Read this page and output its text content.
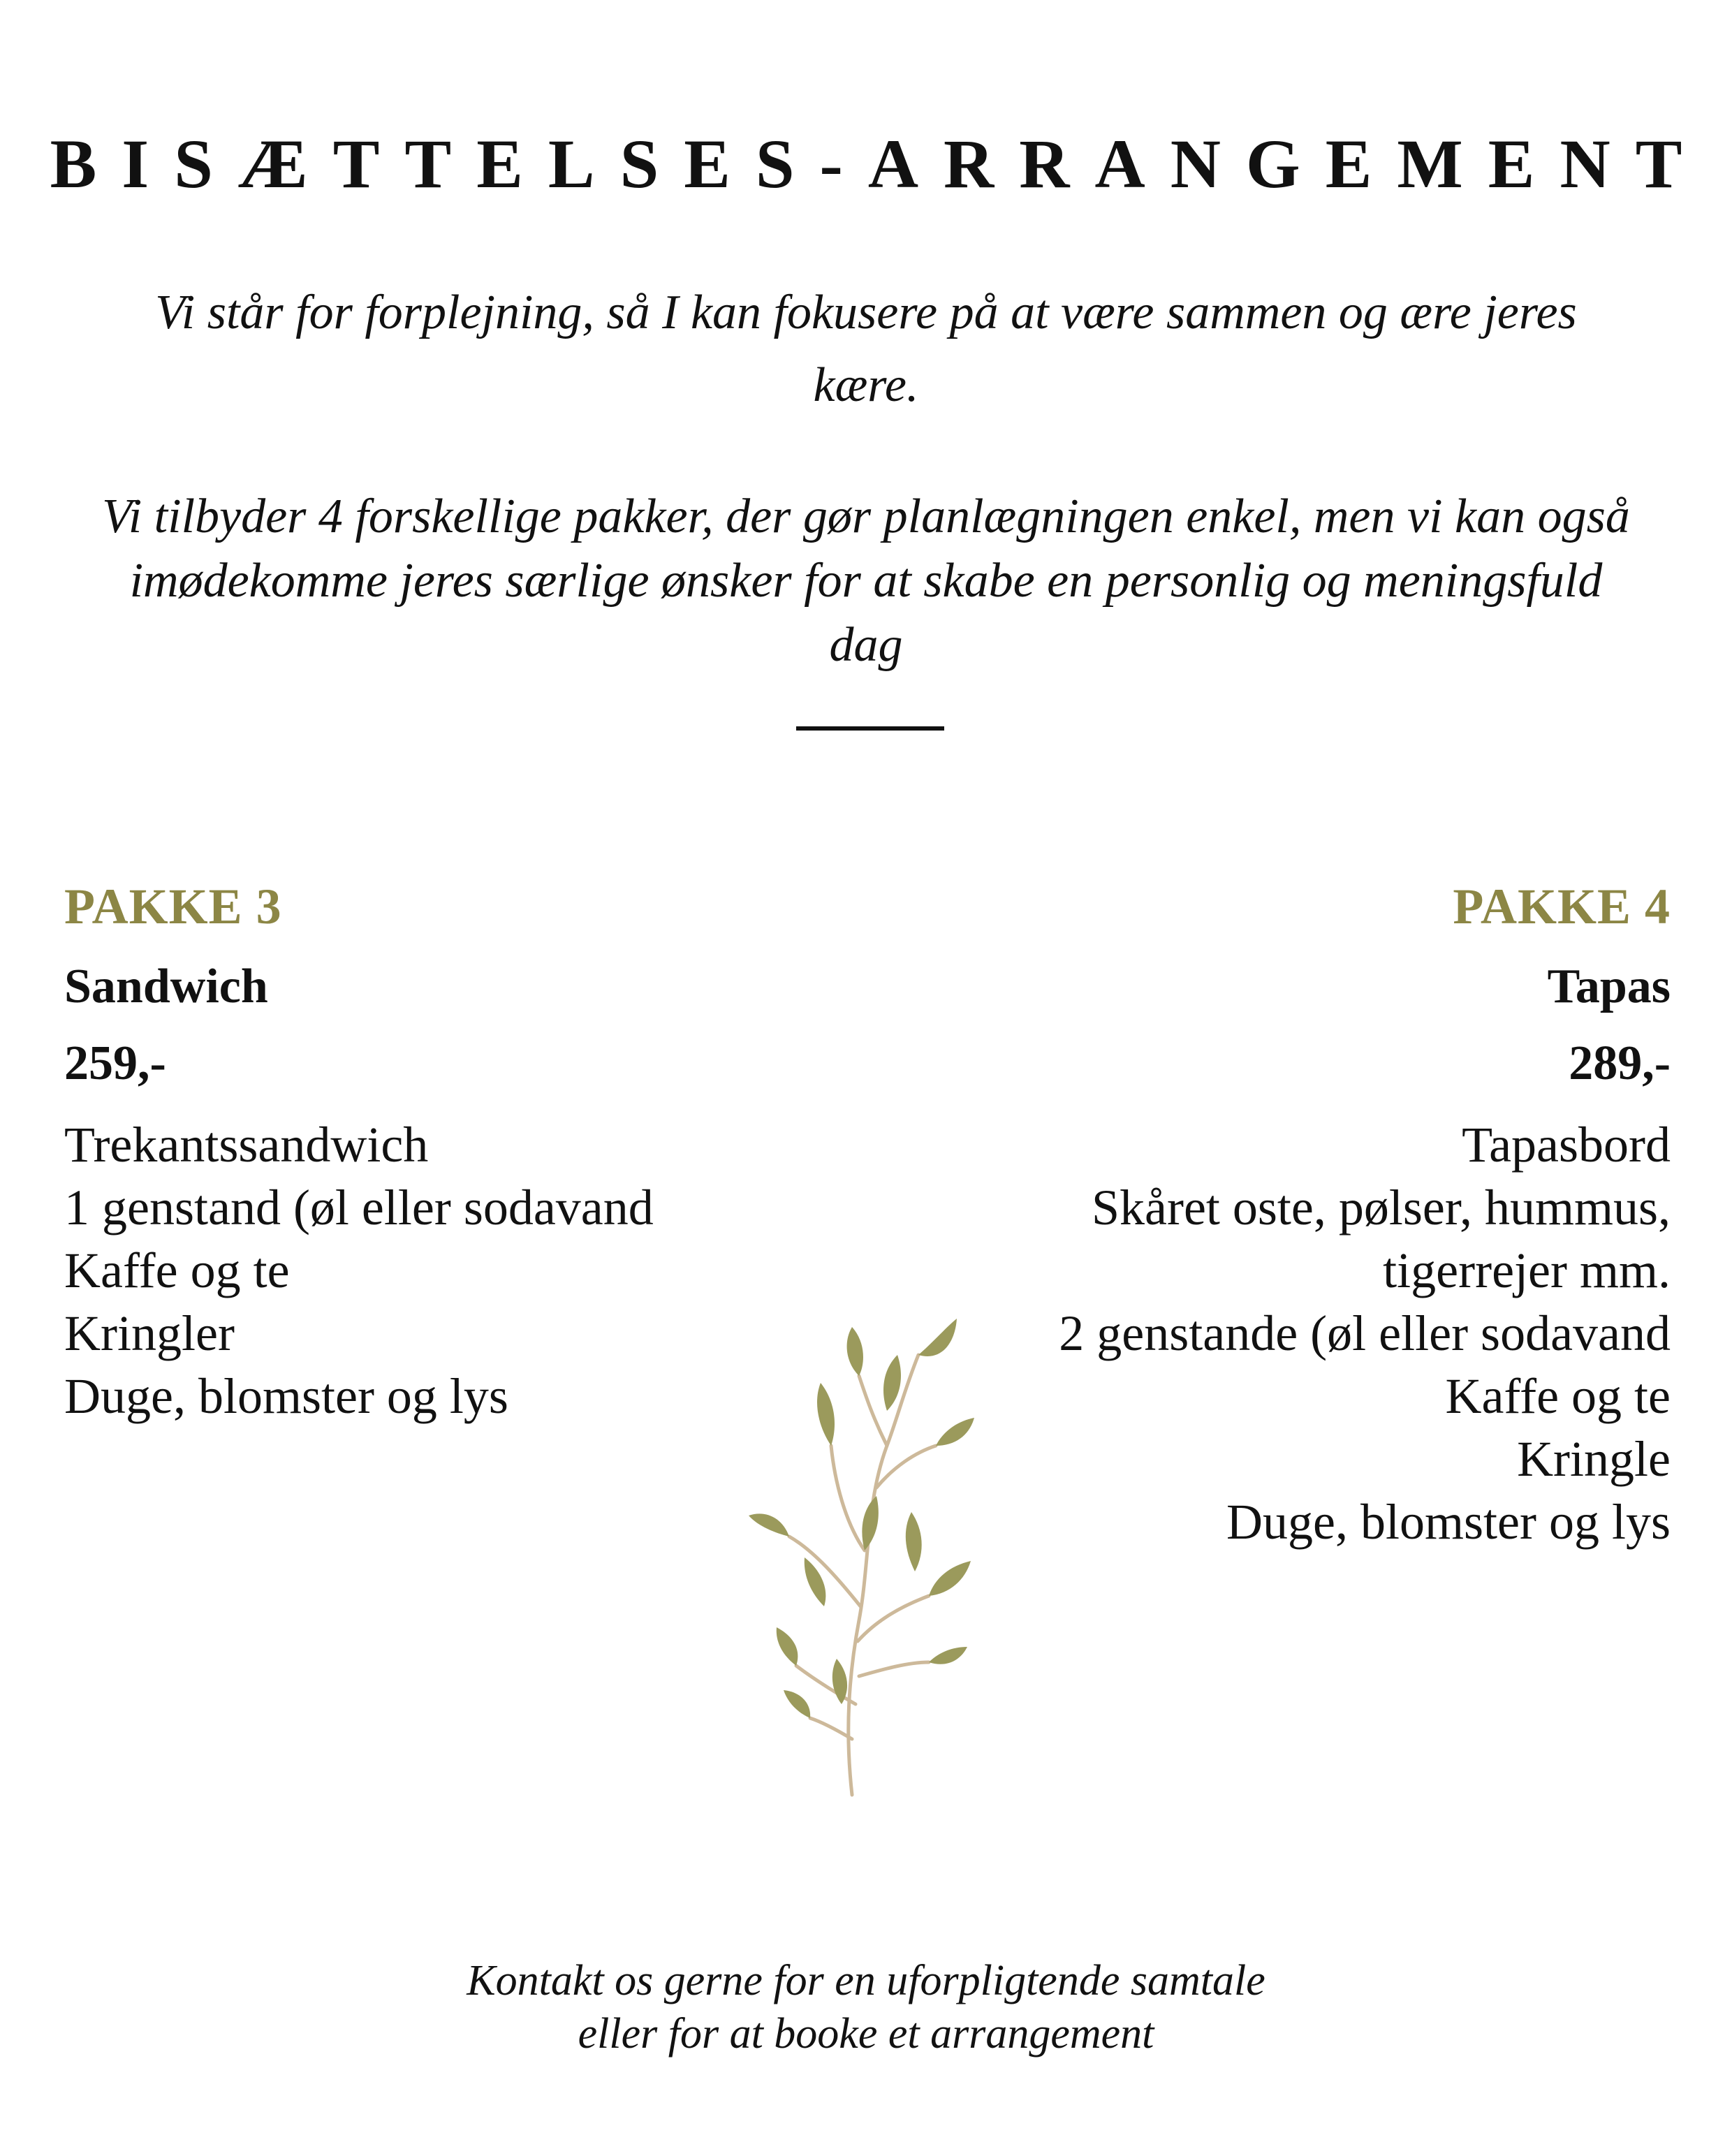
BISÆTTELSES-ARRANGEMENT

Vi står for forplejning, så I kan fokusere på at være sammen og ære jeres kære.

Vi tilbyder 4 forskellige pakker, der gør planlægningen enkel, men vi kan også imødekomme jeres særlige ønsker for at skabe en personlig og meningsfuld dag

PAKKE 3
Sandwich
259,-
Trekantssandwich
1 genstand (øl eller sodavand
Kaffe og te
Kringler
Duge, blomster og lys
PAKKE 4
Tapas
289,-
Tapasbord
Skåret oste, pølser, hummus,
tigerrejer mm.
2 genstande (øl eller sodavand
Kaffe og te
Kringle
Duge, blomster og lys
Kontakt os gerne for en uforpligtende samtale
eller for at booke et arrangement
